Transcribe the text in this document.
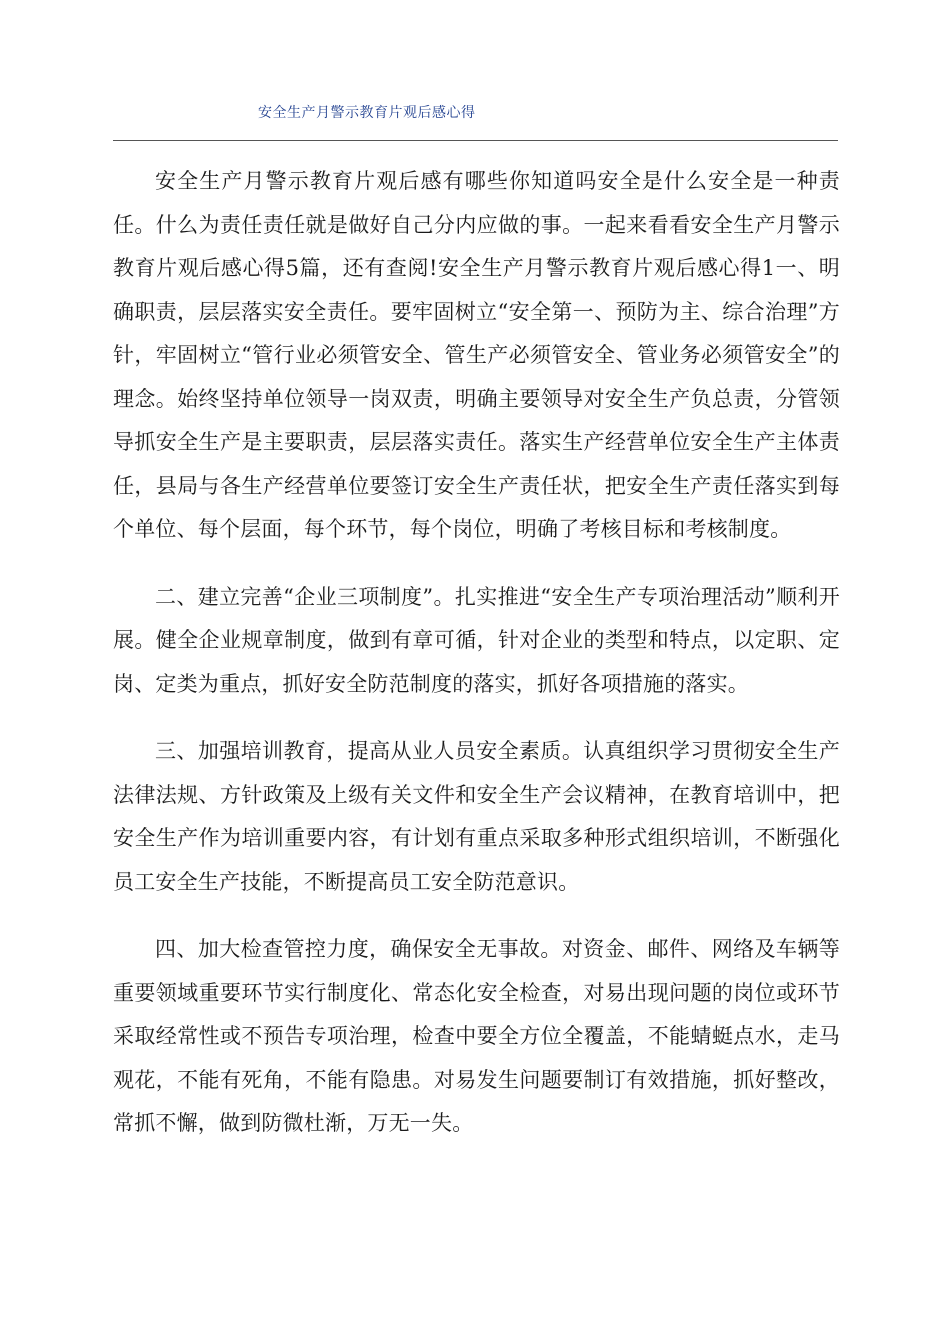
安全生产月警示教育片观后感心得

安全生产月警示教育片观后感有哪些你知道吗安全是什么安全是一种责任。什么为责任责任就是做好自己分内应做的事。一起来看看安全生产月警示教育片观后感心得5篇，还有查阅!安全生产月警示教育片观后感心得1一、明确职责，层层落实安全责任。要牢固树立“安全第一、预防为主、综合治理”方针，牢固树立“管行业必须管安全、管生产必须管安全、管业务必须管安全”的理念。始终坚持单位领导一岗双责，明确主要领导对安全生产负总责，分管领导抓安全生产是主要职责，层层落实责任。落实生产经营单位安全生产主体责任，县局与各生产经营单位要签订安全生产责任状，把安全生产责任落实到每个单位、每个层面，每个环节，每个岗位，明确了考核目标和考核制度。

二、建立完善“企业三项制度”。扎实推进“安全生产专项治理活动”顺利开展。健全企业规章制度，做到有章可循，针对企业的类型和特点，以定职、定岗、定类为重点，抓好安全防范制度的落实，抓好各项措施的落实。

三、加强培训教育，提高从业人员安全素质。认真组织学习贯彻安全生产法律法规、方针政策及上级有关文件和安全生产会议精神，在教育培训中，把安全生产作为培训重要内容，有计划有重点采取多种形式组织培训，不断强化员工安全生产技能，不断提高员工安全防范意识。

四、加大检查管控力度，确保安全无事故。对资金、邮件、网络及车辆等重要领域重要环节实行制度化、常态化安全检查，对易出现问题的岗位或环节采取经常性或不预告专项治理，检查中要全方位全覆盖，不能蜻蜓点水，走马观花，不能有死角，不能有隐患。对易发生问题要制订有效措施，抓好整改，常抓不懈，做到防微杜渐，万无一失。
